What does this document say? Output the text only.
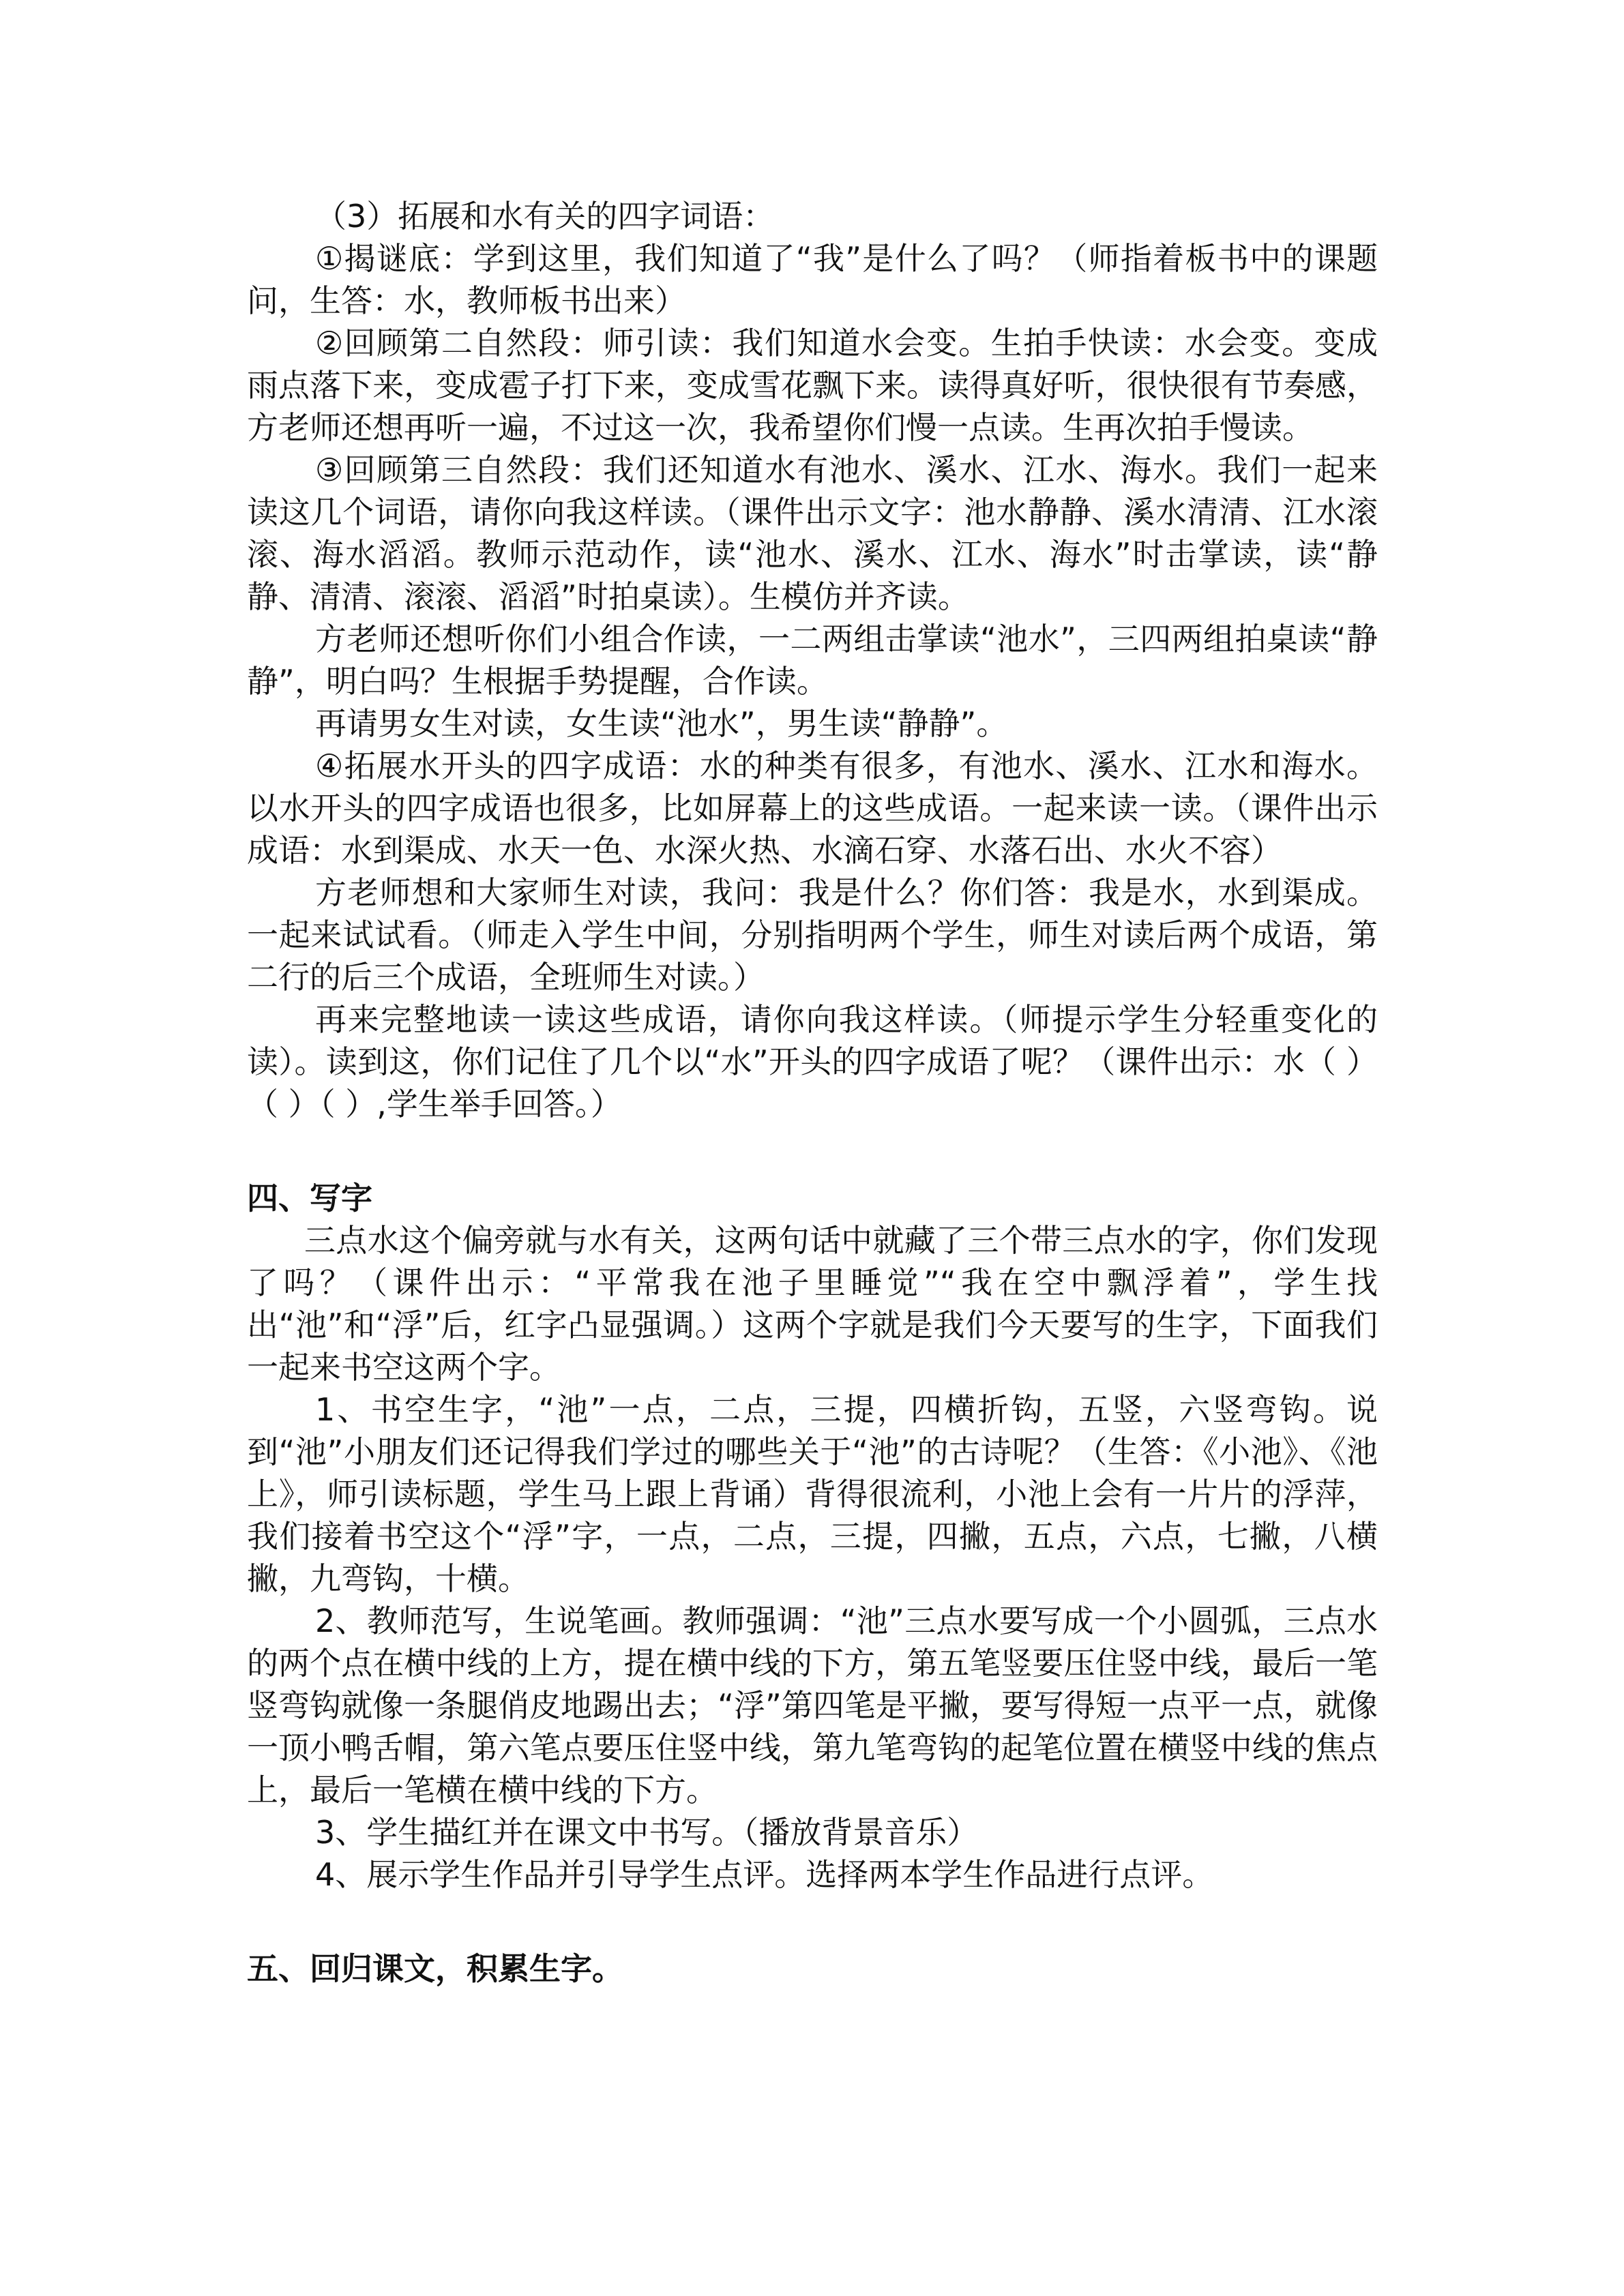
（3）拓展和水有关的四字词语：

①揭谜底：学到这里，我们知道了“我”是什么了吗？（师指着板书中的课题问，生答：水，教师板书出来）

②回顾第二自然段：师引读：我们知道水会变。生拍手快读：水会变。变成雨点落下来，变成雹子打下来，变成雪花飘下来。读得真好听，很快很有节奏感，方老师还想再听一遍，不过这一次，我希望你们慢一点读。生再次拍手慢读。

③回顾第三自然段：我们还知道水有池水、溪水、江水、海水。我们一起来读这几个词语，请你向我这样读。（课件出示文字：池水静静、溪水清清、江水滚滚、海水滔滔。教师示范动作，读“池水、溪水、江水、海水”时击掌读，读“静静、清清、滚滚、滔滔”时拍桌读）。生模仿并齐读。

方老师还想听你们小组合作读，一二两组击掌读“池水”，三四两组拍桌读“静静”，明白吗？生根据手势提醒，合作读。

再请男女生对读，女生读“池水”，男生读“静静”。

④拓展水开头的四字成语：水的种类有很多，有池水、溪水、江水和海水。以水开头的四字成语也很多，比如屏幕上的这些成语。一起来读一读。（课件出示成语：水到渠成、水天一色、水深火热、水滴石穿、水落石出、水火不容）

方老师想和大家师生对读，我问：我是什么？你们答：我是水，水到渠成。一起来试试看。（师走入学生中间，分别指明两个学生，师生对读后两个成语，第二行的后三个成语，全班师生对读。）

再来完整地读一读这些成语，请你向我这样读。（师提示学生分轻重变化的读）。读到这，你们记住了几个以“水”开头的四字成语了呢？（课件出示：水（ ）（ ）（ ）,学生举手回答。）

四、写字

三点水这个偏旁就与水有关，这两句话中就藏了三个带三点水的字，你们发现了吗？（课件出示：“平常我在池子里睡觉”“我在空中飘浮着”，学生找出“池”和“浮”后，红字凸显强调。）这两个字就是我们今天要写的生字，下面我们一起来书空这两个字。

1、书空生字，“池”一点，二点，三提，四横折钩，五竖，六竖弯钩。说到“池”小朋友们还记得我们学过的哪些关于“池”的古诗呢？（生答：《小池》、《池上》，师引读标题，学生马上跟上背诵）背得很流利，小池上会有一片片的浮萍，我们接着书空这个“浮”字，一点，二点，三提，四撇，五点，六点，七撇，八横撇，九弯钩，十横。

2、教师范写，生说笔画。教师强调：“池”三点水要写成一个小圆弧，三点水的两个点在横中线的上方，提在横中线的下方，第五笔竖要压住竖中线，最后一笔竖弯钩就像一条腿俏皮地踢出去；“浮”第四笔是平撇，要写得短一点平一点，就像一顶小鸭舌帽，第六笔点要压住竖中线，第九笔弯钩的起笔位置在横竖中线的焦点上，最后一笔横在横中线的下方。

3、学生描红并在课文中书写。（播放背景音乐）

4、展示学生作品并引导学生点评。选择两本学生作品进行点评。

五、回归课文，积累生字。
